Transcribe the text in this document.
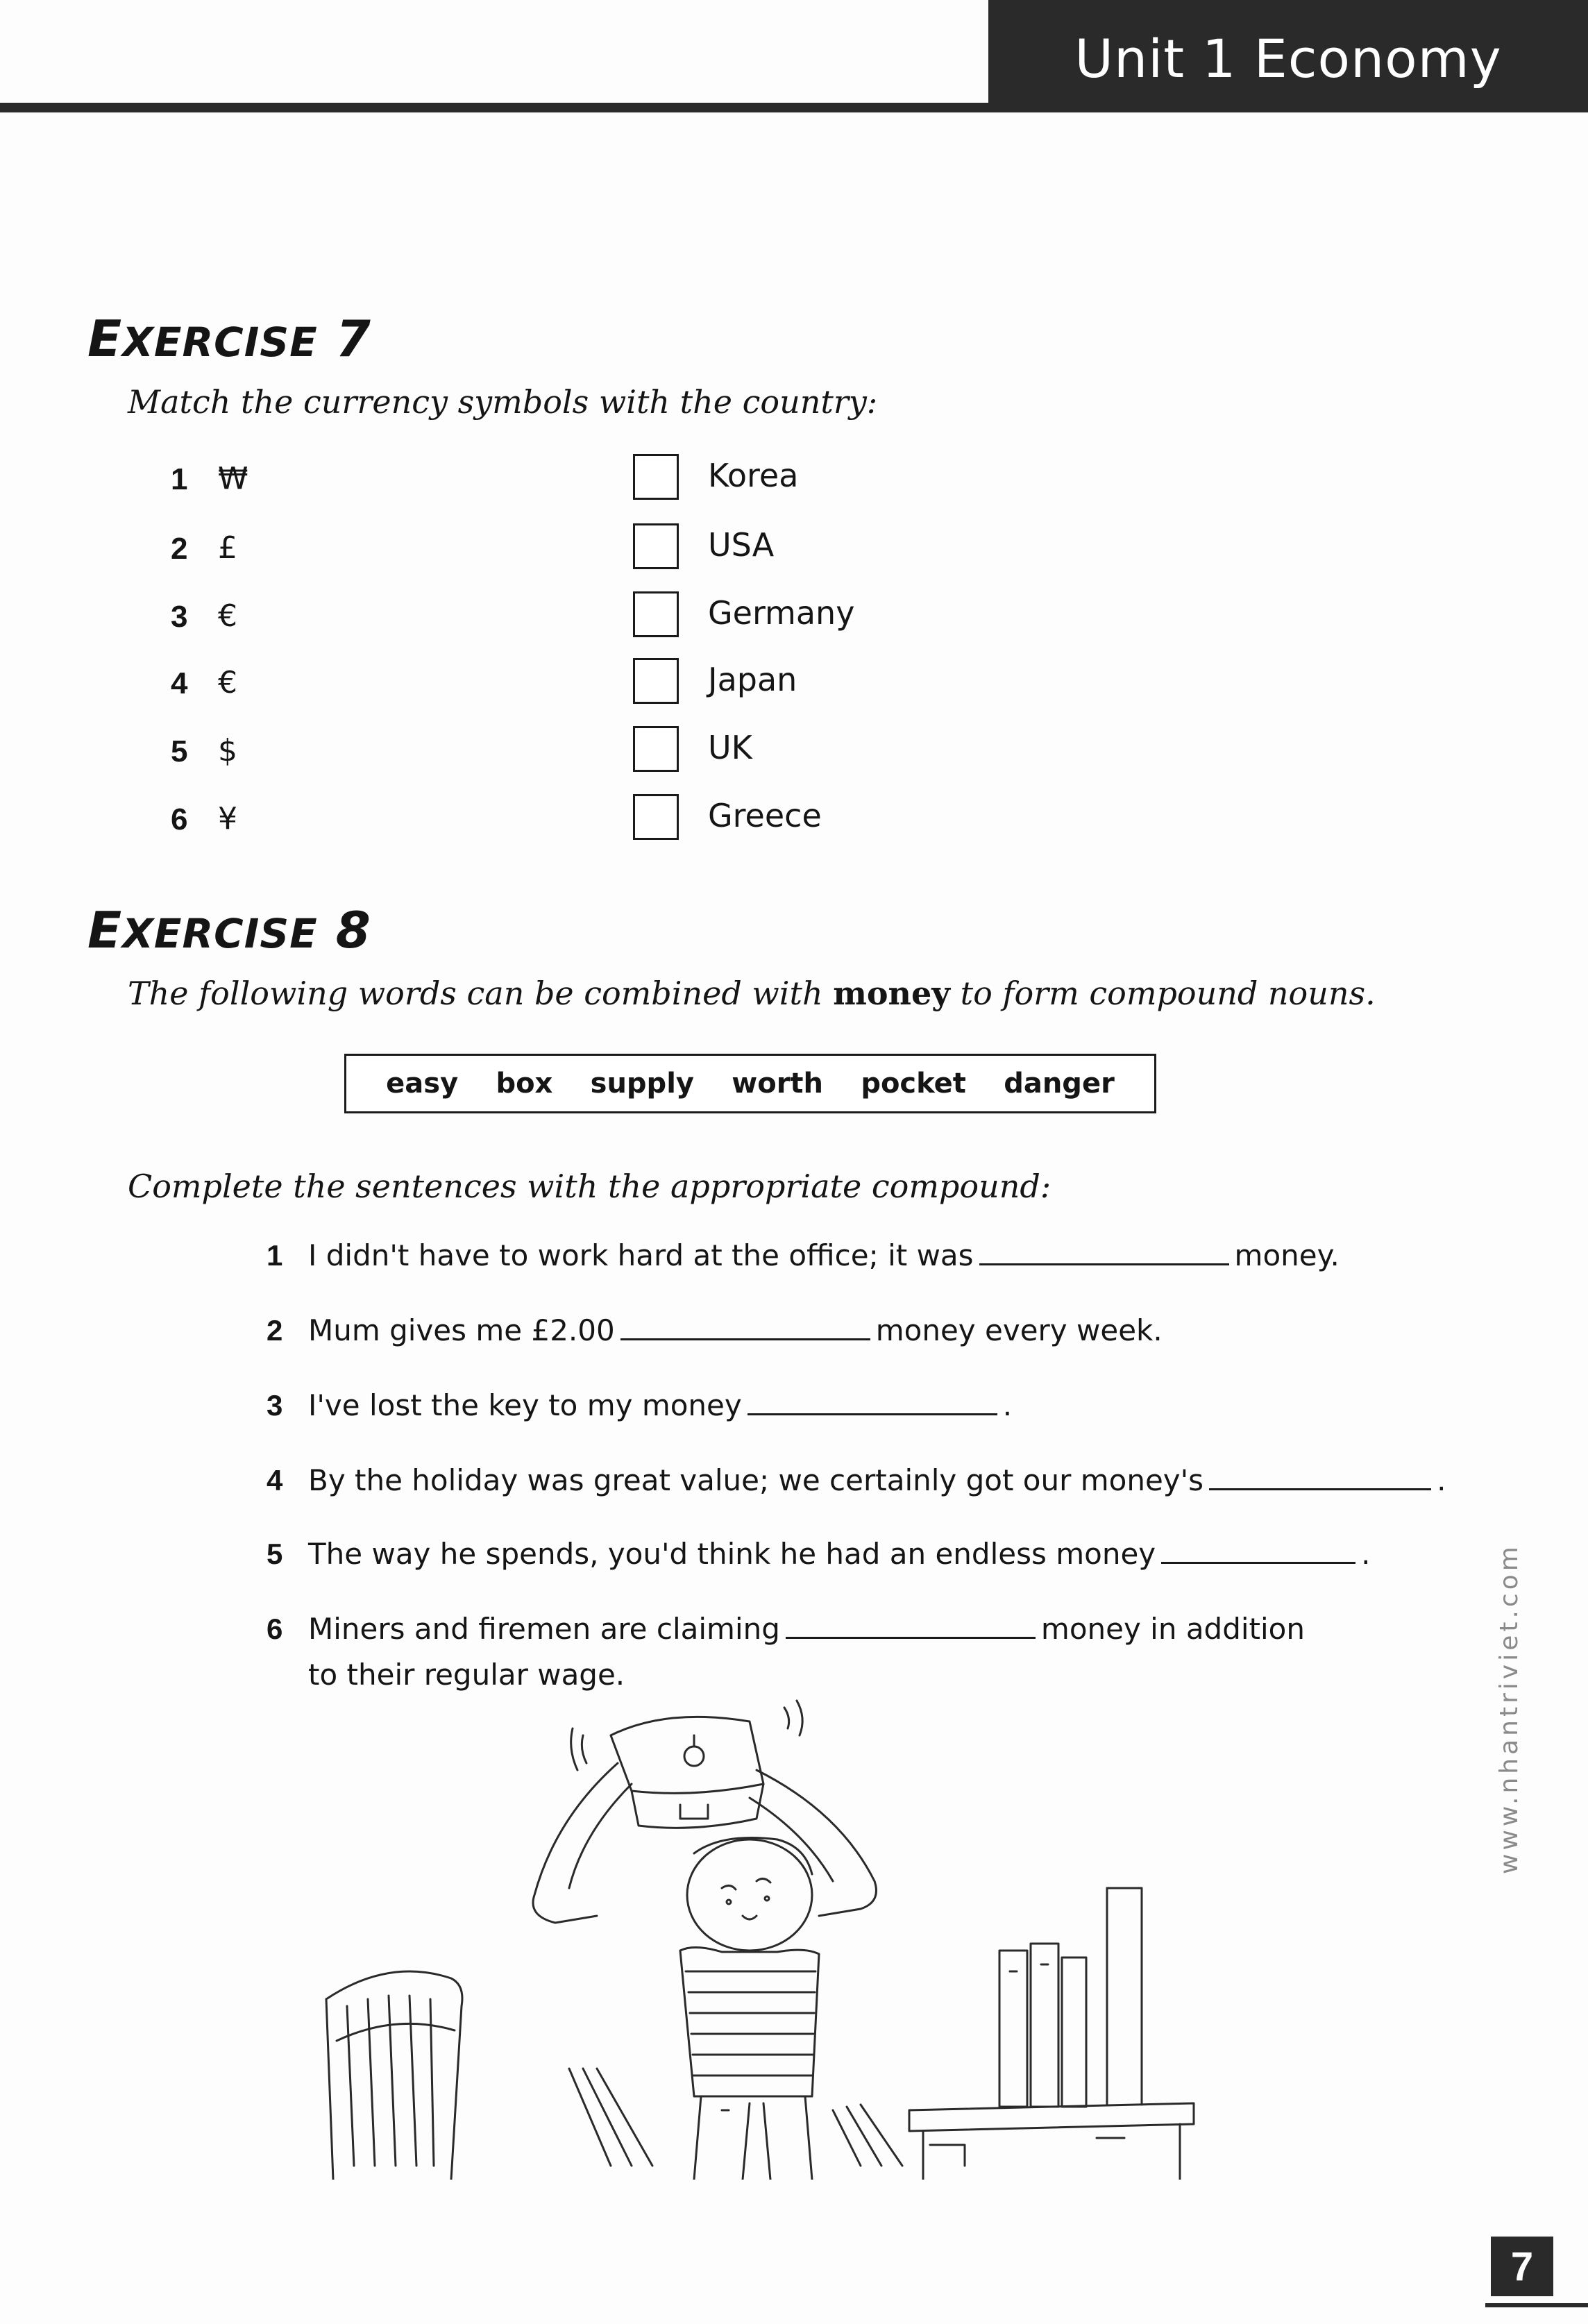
Unit 1 Economy
EXERCISE 7
Match the currency symbols with the country:
1 ₩	Korea
2 £	USA
3 €	Germany
4 €	Japan
5 $	UK
6 ¥	Greece
EXERCISE 8
The following words can be combined with money to form compound nouns.
easy box supply worth pocket danger
Complete the sentences with the appropriate compound:
1 I didn't have to work hard at the office; it was	money.
2 Mum gives me £2.00	money every week.
3 I've lost the key to my money	.
4 By the holiday was great value; we certainly got our money's	.
5 The way he spends, you'd think he had an endless money	.
6 Miners and firemen are claiming	money in addition
to their regular wage.	www.nhantriviet.com
7
